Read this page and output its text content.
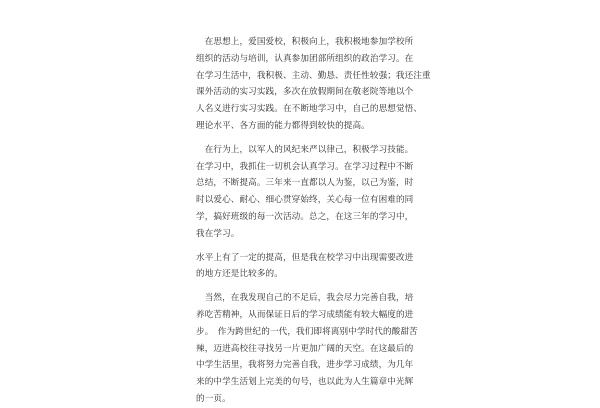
　在思想上，爱国爱校，积极向上，我积极地参加学校所
组织的活动与培训，认真参加团部所组织的政治学习。在
在学习生活中，我积极、主动、勤恳、责任性较强；我还注重
课外活动的实习实践，多次在放假期间在敬老院等地以个
人名义进行实习实践。在不断地学习中，自己的思想觉悟、
理论水平、各方面的能力都得到较快的提高。
　在行为上，以军人的风纪来严以律己，积极学习技能。
在学习中，我抓住一切机会认真学习。在学习过程中不断
总结，不断提高。三年来一直都以人为鉴，以己为鉴，时
时以爱心、耐心、细心贯穿始终，关心每一位有困难的同
学，搞好班级的每一次活动。总之，在这三年的学习中，
我在学习。
水平上有了一定的提高，但是我在校学习中出现需要改进
的地方还是比较多的。
　当然，在我发现自己的不足后，我会尽力完善自我，培
养吃苦精神，从而保证日后的学习成绩能有较大幅度的进
步。　作为跨世纪的一代，我们即将离别中学时代的酸甜苦
辣，迈进高校往寻找另一片更加广阔的天空。在这最后的
中学生活里，我将努力完善自我，进步学习成绩，为几年
来的中学生活划上完美的句号，也以此为人生篇章中光辉
的一页。
